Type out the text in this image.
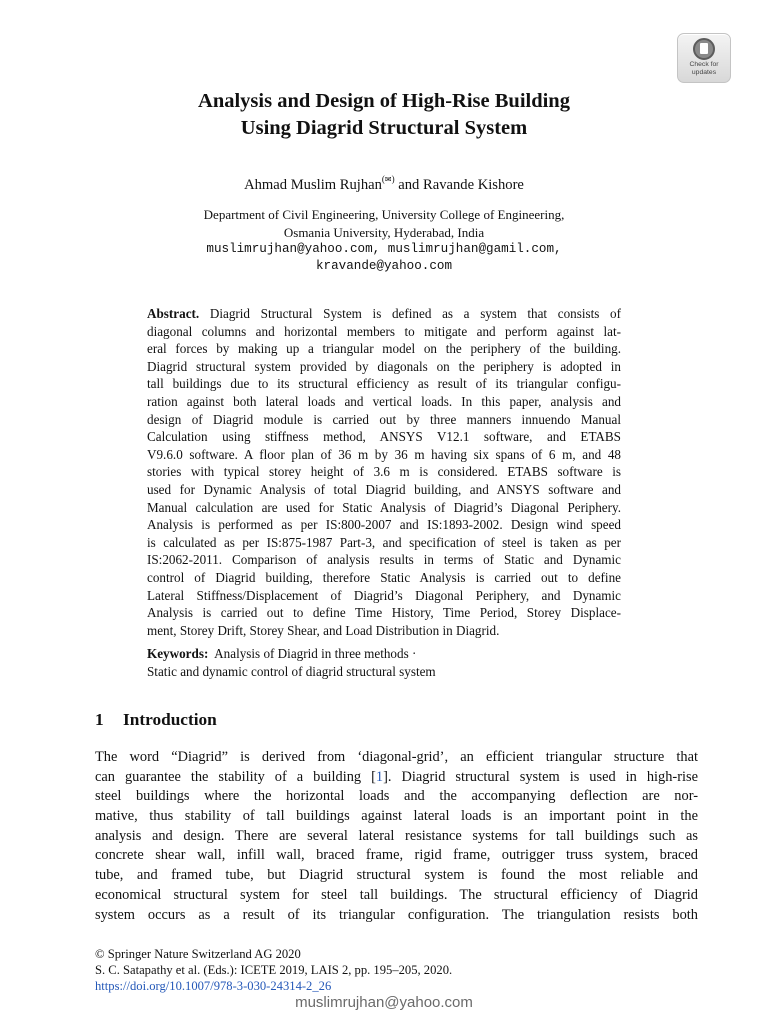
Check for
updates
Analysis and Design of High-Rise Building
Using Diagrid Structural System
Ahmad Muslim Rujhan(✉) and Ravande Kishore
Department of Civil Engineering, University College of Engineering,
Osmania University, Hyderabad, India
muslimrujhan@yahoo.com, muslimrujhan@gamil.com,
kravande@yahoo.com
Abstract. Diagrid Structural System is defined as a system that consists of
diagonal columns and horizontal members to mitigate and perform against lat-
eral forces by making up a triangular model on the periphery of the building.
Diagrid structural system provided by diagonals on the periphery is adopted in
tall buildings due to its structural efficiency as result of its triangular configu-
ration against both lateral loads and vertical loads. In this paper, analysis and
design of Diagrid module is carried out by three manners innuendo Manual
Calculation using stiffness method, ANSYS V12.1 software, and ETABS
V9.6.0 software. A floor plan of 36 m by 36 m having six spans of 6 m, and 48
stories with typical storey height of 3.6 m is considered. ETABS software is
used for Dynamic Analysis of total Diagrid building, and ANSYS software and
Manual calculation are used for Static Analysis of Diagrid’s Diagonal Periphery.
Analysis is performed as per IS:800-2007 and IS:1893-2002. Design wind speed
is calculated as per IS:875-1987 Part-3, and specification of steel is taken as per
IS:2062-2011. Comparison of analysis results in terms of Static and Dynamic
control of Diagrid building, therefore Static Analysis is carried out to define
Lateral Stiffness/Displacement of Diagrid’s Diagonal Periphery, and Dynamic
Analysis is carried out to define Time History, Time Period, Storey Displace-
ment, Storey Drift, Storey Shear, and Load Distribution in Diagrid.
Keywords:  Analysis of Diagrid in three methods ·
Static and dynamic control of diagrid structural system
1 Introduction
The word “Diagrid” is derived from ‘diagonal-grid’, an efficient triangular structure that
can guarantee the stability of a building [1]. Diagrid structural system is used in high-rise
steel buildings where the horizontal loads and the accompanying deflection are nor-
mative, thus stability of tall buildings against lateral loads is an important point in the
analysis and design. There are several lateral resistance systems for tall buildings such as
concrete shear wall, infill wall, braced frame, rigid frame, outrigger truss system, braced
tube, and framed tube, but Diagrid structural system is found the most reliable and
economical structural system for steel tall buildings. The structural efficiency of Diagrid
system occurs as a result of its triangular configuration. The triangulation resists both
© Springer Nature Switzerland AG 2020
S. C. Satapathy et al. (Eds.): ICETE 2019, LAIS 2, pp. 195–205, 2020.
https://doi.org/10.1007/978-3-030-24314-2_26
muslimrujhan@yahoo.com
